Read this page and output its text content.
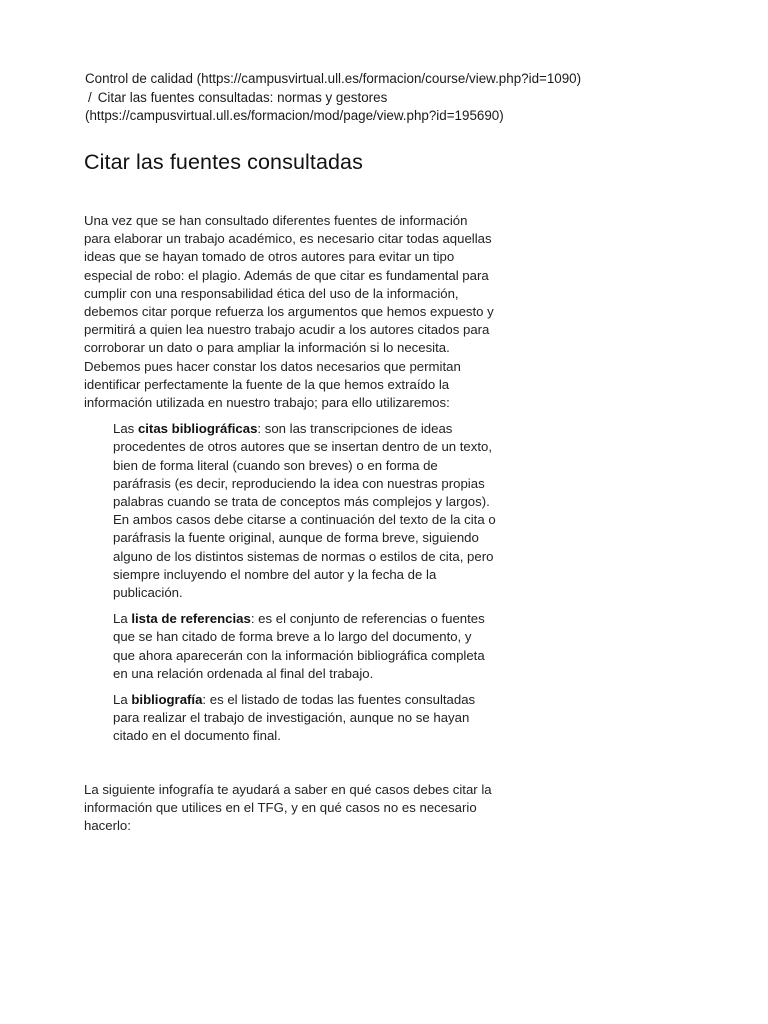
Control de calidad (https://campusvirtual.ull.es/formacion/course/view.php?id=1090)
/ Citar las fuentes consultadas: normas y gestores (https://campusvirtual.ull.es/formacion/mod/page/view.php?id=195690)
Citar las fuentes consultadas

Una vez que se han consultado diferentes fuentes de información para elaborar un trabajo académico, es necesario citar todas aquellas ideas que se hayan tomado de otros autores para evitar un tipo especial de robo: el plagio. Además de que citar es fundamental para cumplir con una responsabilidad ética del uso de la información, debemos citar porque refuerza los argumentos que hemos expuesto y permitirá a quien lea nuestro trabajo acudir a los autores citados para corroborar un dato o para ampliar la información si lo necesita. Debemos pues hacer constar los datos necesarios que permitan identificar perfectamente la fuente de la que hemos extraído la información utilizada en nuestro trabajo; para ello utilizaremos:

Las citas bibliográficas: son las transcripciones de ideas procedentes de otros autores que se insertan dentro de un texto, bien de forma literal (cuando son breves) o en forma de paráfrasis (es decir, reproduciendo la idea con nuestras propias palabras cuando se trata de conceptos más complejos y largos). En ambos casos debe citarse a continuación del texto de la cita o paráfrasis la fuente original, aunque de forma breve, siguiendo alguno de los distintos sistemas de normas o estilos de cita, pero siempre incluyendo el nombre del autor y la fecha de la publicación.
La lista de referencias: es el conjunto de referencias o fuentes que se han citado de forma breve a lo largo del documento, y que ahora aparecerán con la información bibliográfica completa en una relación ordenada al final del trabajo.
La bibliografía: es el listado de todas las fuentes consultadas para realizar el trabajo de investigación, aunque no se hayan citado en el documento final.

La siguiente infografía te ayudará a saber en qué casos debes citar la información que utilices en el TFG, y en qué casos no es necesario hacerlo:
